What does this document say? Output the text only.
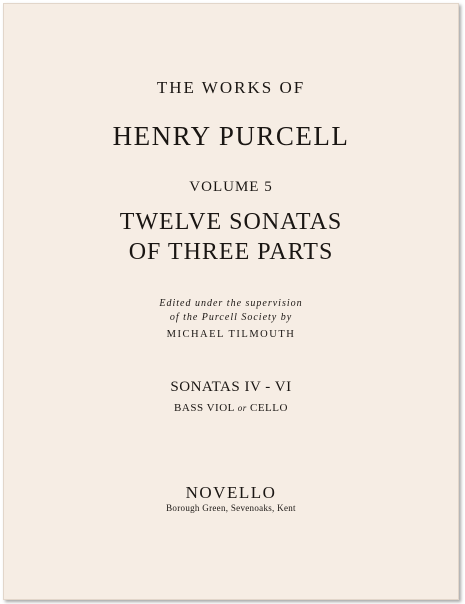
THE WORKS OF
HENRY PURCELL
VOLUME 5
TWELVE SONATAS
OF THREE PARTS
Edited under the supervision
of the Purcell Society by
MICHAEL TILMOUTH
SONATAS IV - VI
BASS VIOL or CELLO
NOVELLO
Borough Green, Sevenoaks, Kent
